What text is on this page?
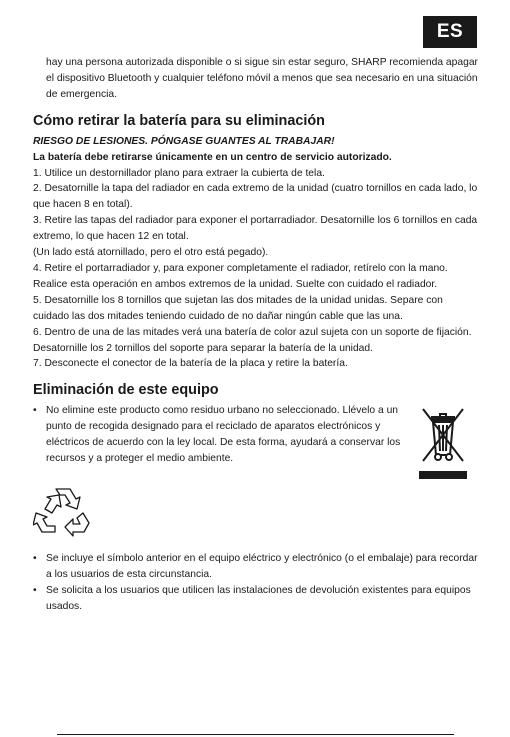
ES

hay una persona autorizada disponible o si sigue sin estar seguro, SHARP recomienda apagar el dispositivo Bluetooth y cualquier teléfono móvil a menos que sea necesario en una situación de emergencia.

Cómo retirar la batería para su eliminación

RIESGO DE LESIONES. PÓNGASE GUANTES AL TRABAJAR!

La batería debe retirarse únicamente en un centro de servicio autorizado.

1. Utilice un destornillador plano para extraer la cubierta de tela.

2. Desatornille la tapa del radiador en cada extremo de la unidad (cuatro tornillos en cada lado, lo que hacen 8 en total).

3. Retire las tapas del radiador para exponer el portarradiador. Desatornille los 6 tornillos en cada extremo, lo que hacen 12 en total.

(Un lado está atornillado, pero el otro está pegado).

4. Retire el portarradiador y, para exponer completamente el radiador, retírelo con la mano. Realice esta operación en ambos extremos de la unidad. Suelte con cuidado el radiador.

5. Desatornille los 8 tornillos que sujetan las dos mitades de la unidad unidas. Separe con cuidado las dos mitades teniendo cuidado de no dañar ningún cable que las una.

6. Dentro de una de las mitades verá una batería de color azul sujeta con un soporte de fijación. Desatornille los 2 tornillos del soporte para separar la batería de la unidad.

7. Desconecte el conector de la batería de la placa y retire la batería.

Eliminación de este equipo
• No elimine este producto como residuo urbano no seleccionado. Llévelo a un punto de recogida designado para el reciclado de aparatos electrónicos y eléctricos de acuerdo con la ley local. De esta forma, ayudará a conservar los recursos y a proteger el medio ambiente.
• Se incluye el símbolo anterior en el equipo eléctrico y electrónico (o el embalaje) para recordar a los usuarios de esta circunstancia.
• Se solicita a los usuarios que utilicen las instalaciones de devolución existentes para equipos usados.
